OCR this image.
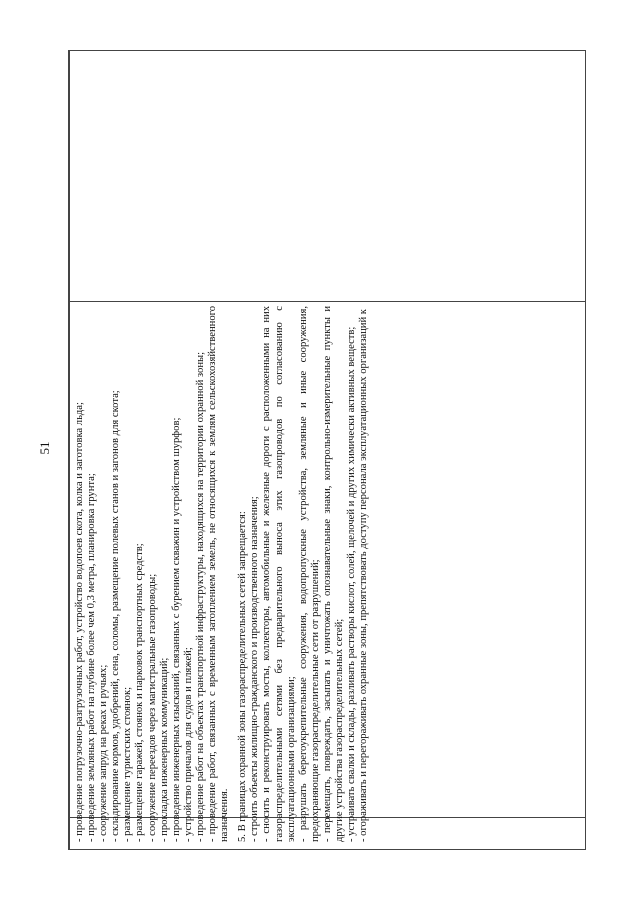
51 - проведение погрузочно-разгрузочных работ, устройство водопоев скота, колка и заготовка льда; - проведение земляных работ на глубине более чем 0,3 метра, планировка грунта; - сооружение запруд на реках и ручьях; - складирование кормов, удобрений, сена, соломы, размещение полевых станов и загонов для скота; - размещение туристских стоянок; - размещение гаражей, стоянок и парковок транспортных средств; - сооружение переездов через магистральные газопроводы; - прокладка инженерных коммуникаций; - проведение инженерных изысканий, связанных с бурением скважин и устройством шурфов; - устройство причалов для судов и пляжей; - проведение работ на объектах транспортной инфраструктуры, находящихся на территории охранной зоны; - проведение работ, связанных с временным затоплением земель, не относящихся к землям сельскохозяйственного назначения. 5. В границах охранной зоны газораспределительных сетей запрещается: - строить объекты жилищно-гражданского и производственного назначения; - сносить и реконструировать мосты, коллекторы, автомобильные и железные дороги с расположенными на них газораспределительными сетями без предварительного выноса этих газопроводов по согласованию с эксплуатационными организациями; - разрушать берегоукрепительные сооружения, водопропускные устройства, земляные и иные сооружения, предохраняющие газораспределительные сети от разрушений; - перемещать, повреждать, засыпать и уничтожать опознавательные знаки, контрольно-измерительные пункты и другие устройства газораспределительных сетей; - устраивать свалки и склады, разливать растворы кислот, солей, щелочей и других химически активных веществ; - огораживать и перегораживать охранные зоны, препятствовать доступу персонала эксплуатационных организаций к
